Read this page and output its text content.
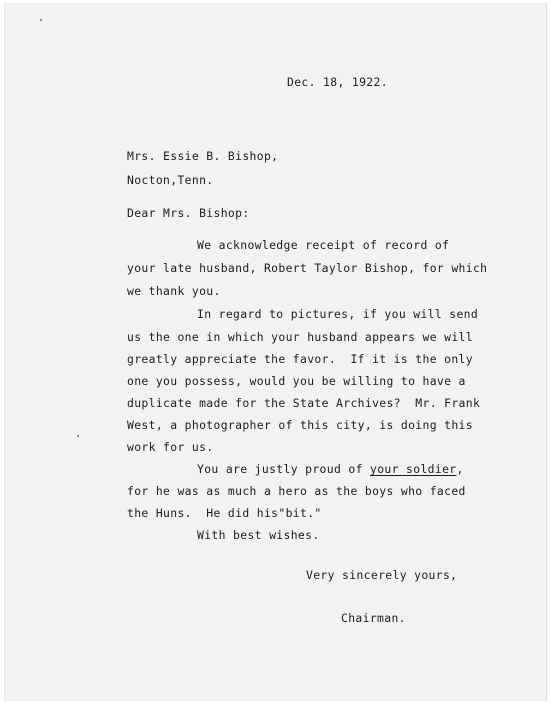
Dec. 18, 1922.
Mrs. Essie B. Bishop,
Nocton,Tenn.
Dear Mrs. Bishop:
We acknowledge receipt of record of
your late husband, Robert Taylor Bishop, for which
we thank you.
In regard to pictures, if you will send
us the one in which your husband appears we will
greatly appreciate the favor.  If it is the only
one you possess, would you be willing to have a
duplicate made for the State Archives?  Mr. Frank
West, a photographer of this city, is doing this
work for us.
You are justly proud of your soldier,
for he was as much a hero as the boys who faced
the Huns.  He did his"bit."
With best wishes.
Very sincerely yours,
Chairman.
